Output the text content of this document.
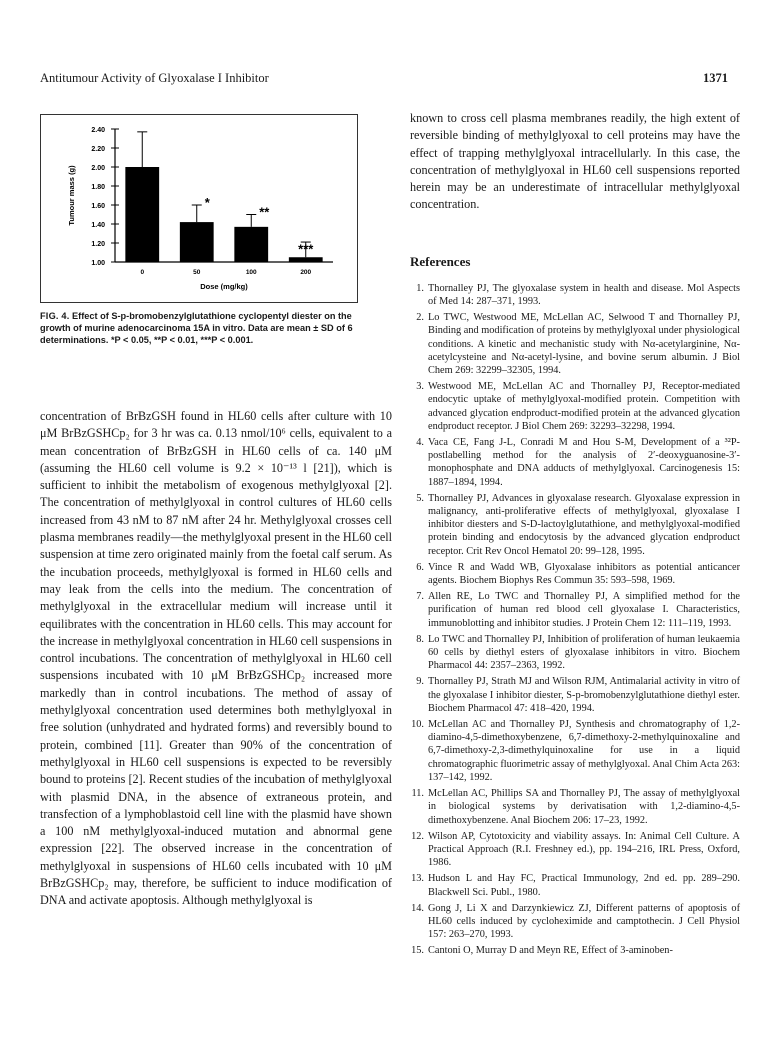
Antitumour Activity of Glyoxalase I Inhibitor	1371
1.00
1.20
1.40
1.60
1.80
2.00
2.20
2.40
Tumour mass (g)
0	50
*
100
**
200
***
Dose (mg/kg)
FIG. 4. Effect of S-p-bromobenzylglutathione cyclopentyl diester on the growth of murine adenocarcinoma 15A in vitro. Data are mean ± SD of 6 determinations. *P < 0.05, **P < 0.01, ***P < 0.001.
concentration of BrBzGSH found in HL60 cells after culture with 10 μM BrBzGSHCp₂ for 3 hr was ca. 0.13 nmol/10⁶ cells, equivalent to a mean concentration of BrBzGSH in HL60 cells of ca. 140 μM (assuming the HL60 cell volume is 9.2 × 10⁻¹³ l [21]), which is sufficient to inhibit the metabolism of exogenous methylglyoxal [2]. The concentration of methylglyoxal in control cultures of HL60 cells increased from 43 nM to 87 nM after 24 hr. Methylglyoxal crosses cell plasma membranes readily—the methylglyoxal present in the HL60 cell suspension at time zero originated mainly from the foetal calf serum. As the incubation proceeds, methylglyoxal is formed in HL60 cells and may leak from the cells into the medium. The concentration of methylglyoxal in the extracellular medium will increase until it equilibrates with the concentration in HL60 cells. This may account for the increase in methylglyoxal concentration in HL60 cell suspensions in control incubations. The concentration of methylglyoxal in HL60 cell suspensions incubated with 10 μM BrBzGSHCp₂ increased more markedly than in control incubations. The method of assay of methylglyoxal concentration used determines both methylglyoxal in free solution (unhydrated and hydrated forms) and reversibly bound to protein, combined [11]. Greater than 90% of the concentration of methylglyoxal in HL60 cell suspensions is expected to be reversibly bound to proteins [2]. Recent studies of the incubation of methylglyoxal with plasmid DNA, in the absence of extraneous protein, and transfection of a lymphoblastoid cell line with the plasmid have shown a 100 nM methylglyoxal-induced mutation and abnormal gene expression [22]. The observed increase in the concentration of methylglyoxal in suspensions of HL60 cells incubated with 10 μM BrBzGSHCp₂ may, therefore, be sufficient to induce modification of DNA and activate apoptosis. Although methylglyoxal is

known to cross cell plasma membranes readily, the high extent of reversible binding of methylglyoxal to cell proteins may have the effect of trapping methylglyoxal intracellularly. In this case, the concentration of methylglyoxal in HL60 cell suspensions reported herein may be an underestimate of intracellular methylglyoxal concentration.

References
1. Thornalley PJ, The glyoxalase system in health and disease. Mol Aspects of Med 14: 287–371, 1993.
2. Lo TWC, Westwood ME, McLellan AC, Selwood T and Thornalley PJ, Binding and modification of proteins by methylglyoxal under physiological conditions. A kinetic and mechanistic study with Nα-acetylarginine, Nα-acetylcysteine and Nα-acetyl-lysine, and bovine serum albumin. J Biol Chem 269: 32299–32305, 1994.
3. Westwood ME, McLellan AC and Thornalley PJ, Receptor-mediated endocytic uptake of methylglyoxal-modified protein. Competition with advanced glycation endproduct-modified protein at the advanced glycation endproduct receptor. J Biol Chem 269: 32293–32298, 1994.
4. Vaca CE, Fang J-L, Conradi M and Hou S-M, Development of a ³²P-postlabelling method for the analysis of 2′-deoxyguanosine-3′-monophosphate and DNA adducts of methylglyoxal. Carcinogenesis 15: 1887–1894, 1994.
5. Thornalley PJ, Advances in glyoxalase research. Glyoxalase expression in malignancy, anti-proliferative effects of methylglyoxal, glyoxalase I inhibitor diesters and S-D-lactoylglutathione, and methylglyoxal-modified protein binding and endocytosis by the advanced glycation endproduct receptor. Crit Rev Oncol Hematol 20: 99–128, 1995.
6. Vince R and Wadd WB, Glyoxalase inhibitors as potential anticancer agents. Biochem Biophys Res Commun 35: 593–598, 1969.
7. Allen RE, Lo TWC and Thornalley PJ, A simplified method for the purification of human red blood cell glyoxalase I. Characteristics, immunoblotting and inhibitor studies. J Protein Chem 12: 111–119, 1993.
8. Lo TWC and Thornalley PJ, Inhibition of proliferation of human leukaemia 60 cells by diethyl esters of glyoxalase inhibitors in vitro. Biochem Pharmacol 44: 2357–2363, 1992.
9. Thornalley PJ, Strath MJ and Wilson RJM, Antimalarial activity in vitro of the glyoxalase I inhibitor diester, S-p-bromobenzylglutathione diethyl ester. Biochem Pharmacol 47: 418–420, 1994.
10. McLellan AC and Thornalley PJ, Synthesis and chromatography of 1,2-diamino-4,5-dimethoxybenzene, 6,7-dimethoxy-2-methylquinoxaline and 6,7-dimethoxy-2,3-dimethylquinoxaline for use in a liquid chromatographic fluorimetric assay of methylglyoxal. Anal Chim Acta 263: 137–142, 1992.
11. McLellan AC, Phillips SA and Thornalley PJ, The assay of methylglyoxal in biological systems by derivatisation with 1,2-diamino-4,5-dimethoxybenzene. Anal Biochem 206: 17–23, 1992.
12. Wilson AP, Cytotoxicity and viability assays. In: Animal Cell Culture. A Practical Approach (R.I. Freshney ed.), pp. 194–216, IRL Press, Oxford, 1986.
13. Hudson L and Hay FC, Practical Immunology, 2nd ed. pp. 289–290. Blackwell Sci. Publ., 1980.
14. Gong J, Li X and Darzynkiewicz ZJ, Different patterns of apoptosis of HL60 cells induced by cycloheximide and camptothecin. J Cell Physiol 157: 263–270, 1993.
15. Cantoni O, Murray D and Meyn RE, Effect of 3-aminoben-
